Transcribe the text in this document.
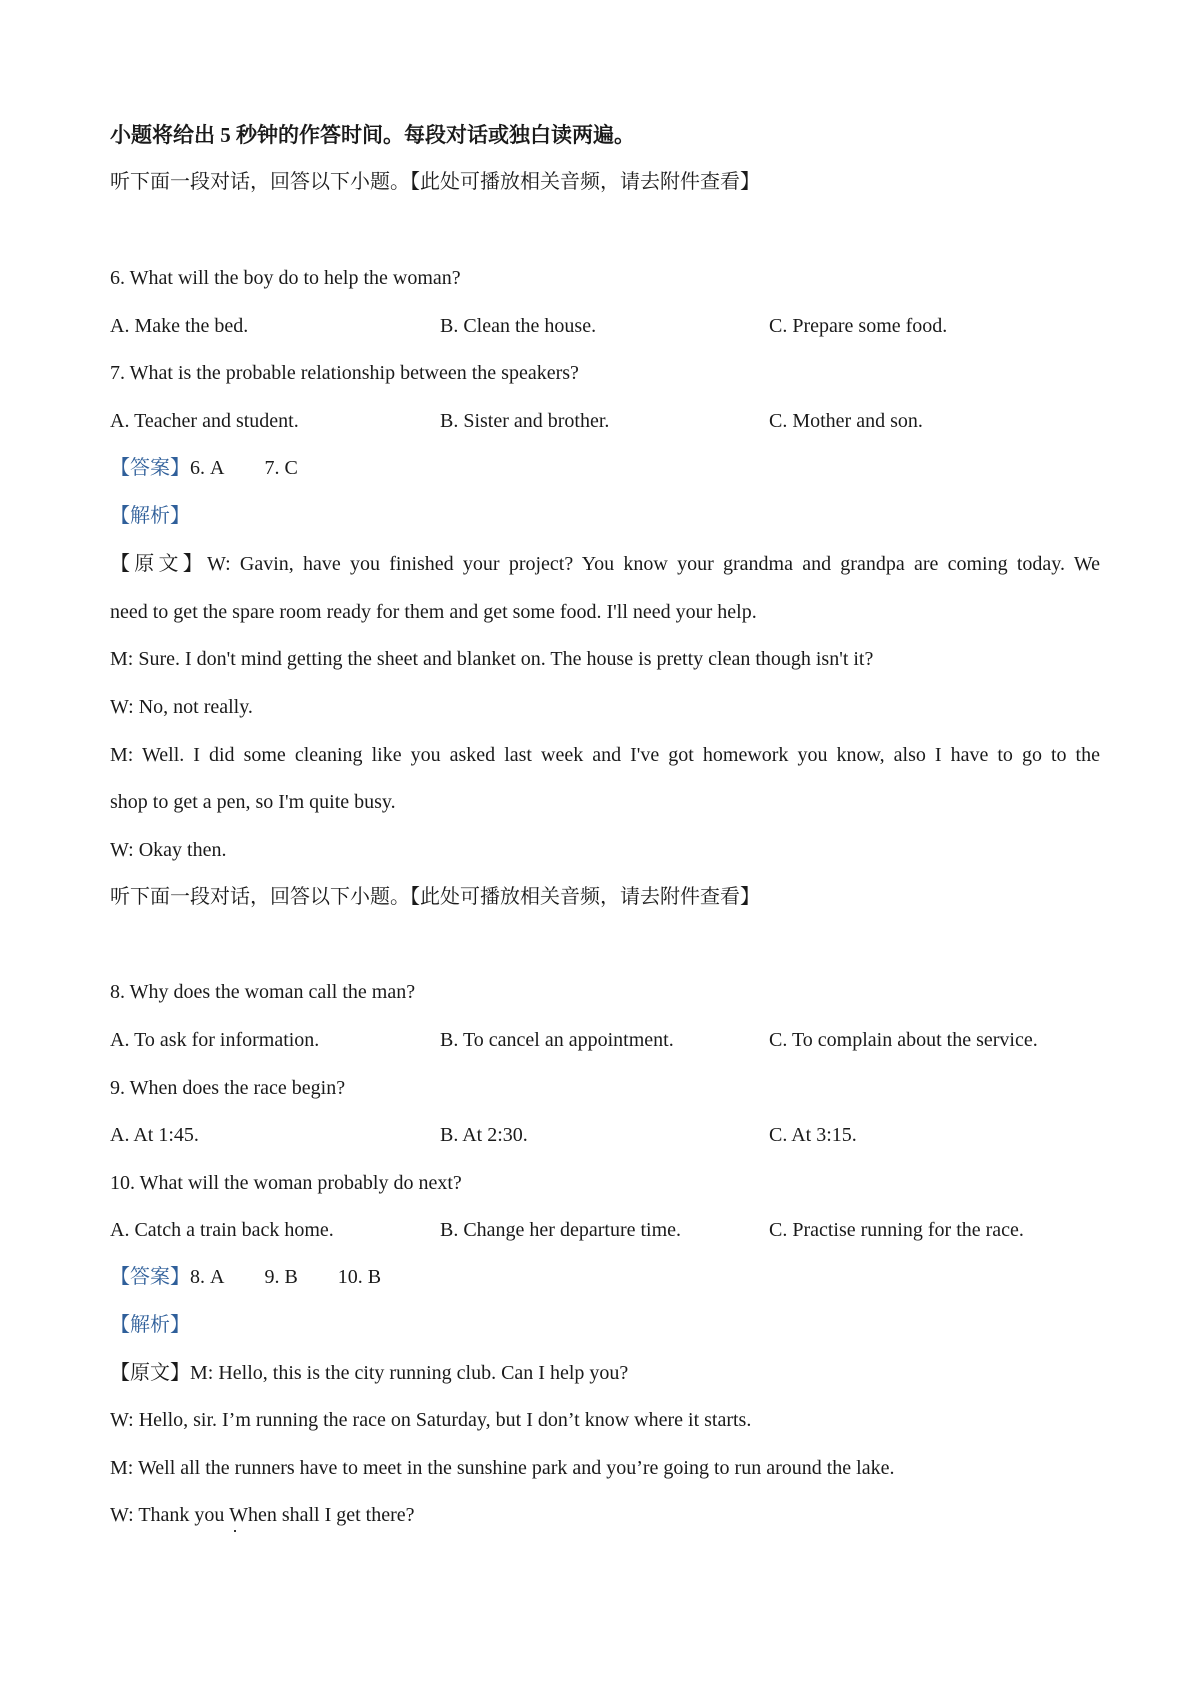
小题将给出 5 秒钟的作答时间。每段对话或独白读两遍。
听下面一段对话，回答以下小题。【此处可播放相关音频，请去附件查看】
6. What will the boy do to help the woman?
A. Make the bed.	B. Clean the house.	C. Prepare some food.
7. What is the probable relationship between the speakers?
A. Teacher and student.	B. Sister and brother.	C. Mother and son.
【答案】6. A 7. C
【解析】
【原文】W: Gavin, have you finished your project? You know your grandma and grandpa are coming today. We
need to get the spare room ready for them and get some food. I'll need your help.
M: Sure. I don't mind getting the sheet and blanket on. The house is pretty clean though isn't it?
W: No, not really.
M: Well. I did some cleaning like you asked last week and I've got homework you know, also I have to go to the
shop to get a pen, so I'm quite busy.
W: Okay then.
听下面一段对话，回答以下小题。【此处可播放相关音频，请去附件查看】
8. Why does the woman call the man?
A. To ask for information.	B. To cancel an appointment.	C. To complain about the service.
9. When does the race begin?
A. At 1:45.	B. At 2:30.	C. At 3:15.
10. What will the woman probably do next?
A. Catch a train back home.	B. Change her departure time.	C. Practise running for the race.
【答案】8. A 9. B 10. B
【解析】
【原文】M: Hello, this is the city running club. Can I help you?
W: Hello, sir. I’m running the race on Saturday, but I don’t know where it starts.
M: Well all the runners have to meet in the sunshine park and you’re going to run around the lake.
W: Thank you When shall I get there?
